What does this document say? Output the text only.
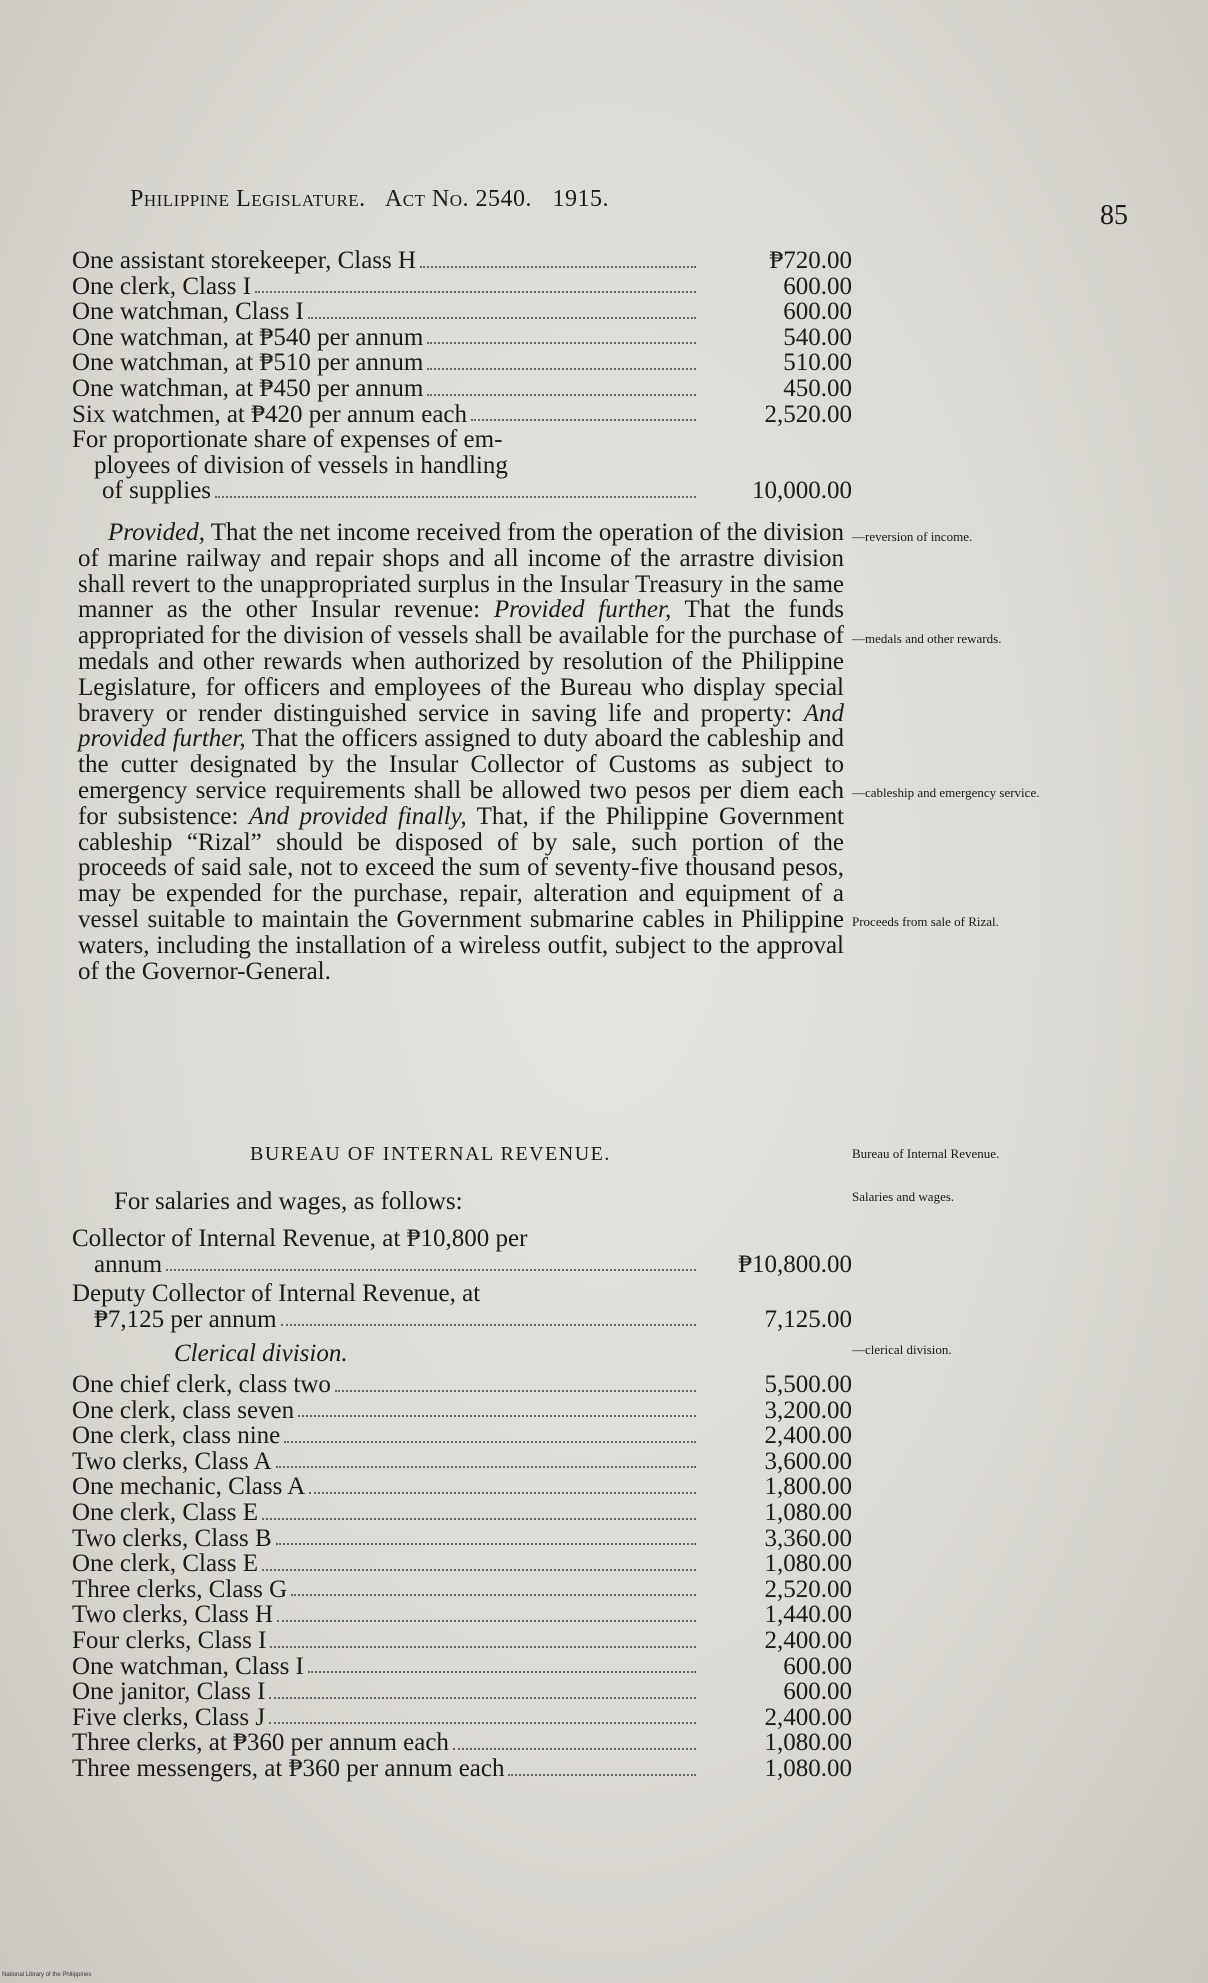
Philippine Legislature. Act No. 2540. 1915.
85
One assistant storekeeper, Class H	₱720.00
One clerk, Class I	600.00
One watchman, Class I	600.00
One watchman, at ₱540 per annum	540.00
One watchman, at ₱510 per annum	510.00
One watchman, at ₱450 per annum	450.00
Six watchmen, at ₱420 per annum each	2,520.00
For proportionate share of expenses of em-
ployees of division of vessels in handling
of supplies	10,000.00
Provided, That the net income received from the operation of the division of marine railway and repair shops and all income of the arrastre division shall revert to the unappropriated surplus in the Insular Treasury in the same manner as the other Insular revenue: Provided further, That the funds appropriated for the division of vessels shall be available for the purchase of medals and other rewards when authorized by resolution of the Philippine Legislature, for officers and employees of the Bureau who display special bravery or render distinguished service in saving life and property: And provided further, That the officers assigned to duty aboard the cableship and the cutter designated by the Insular Collector of Customs as subject to emergency service requirements shall be allowed two pesos per diem each for subsistence: And provided finally, That, if the Philippine Government cableship “Rizal” should be disposed of by sale, such portion of the proceeds of said sale, not to exceed the sum of seventy-five thousand pesos, may be expended for the purchase, repair, alteration and equipment of a vessel suitable to maintain the Government submarine cables in Philippine waters, including the installation of a wireless outfit, subject to the approval of the Governor-General.
—reversion of income.
—medals and other rewards.
—cableship and emergency service.
Proceeds from sale of Rizal.
Bureau of Internal Revenue.
Salaries and wages.
—clerical division.
BUREAU OF INTERNAL REVENUE.
For salaries and wages, as follows:
Collector of Internal Revenue, at ₱10,800 per
annum	₱10,800.00
Deputy Collector of Internal Revenue, at
₱7,125 per annum	7,125.00
Clerical division.
One chief clerk, class two	5,500.00
One clerk, class seven	3,200.00
One clerk, class nine	2,400.00
Two clerks, Class A	3,600.00
One mechanic, Class A	1,800.00
One clerk, Class E	1,080.00
Two clerks, Class B	3,360.00
One clerk, Class E	1,080.00
Three clerks, Class G	2,520.00
Two clerks, Class H	1,440.00
Four clerks, Class I	2,400.00
One watchman, Class I	600.00
One janitor, Class I	600.00
Five clerks, Class J	2,400.00
Three clerks, at ₱360 per annum each	1,080.00
Three messengers, at ₱360 per annum each	1,080.00
National Library of the Philippines
